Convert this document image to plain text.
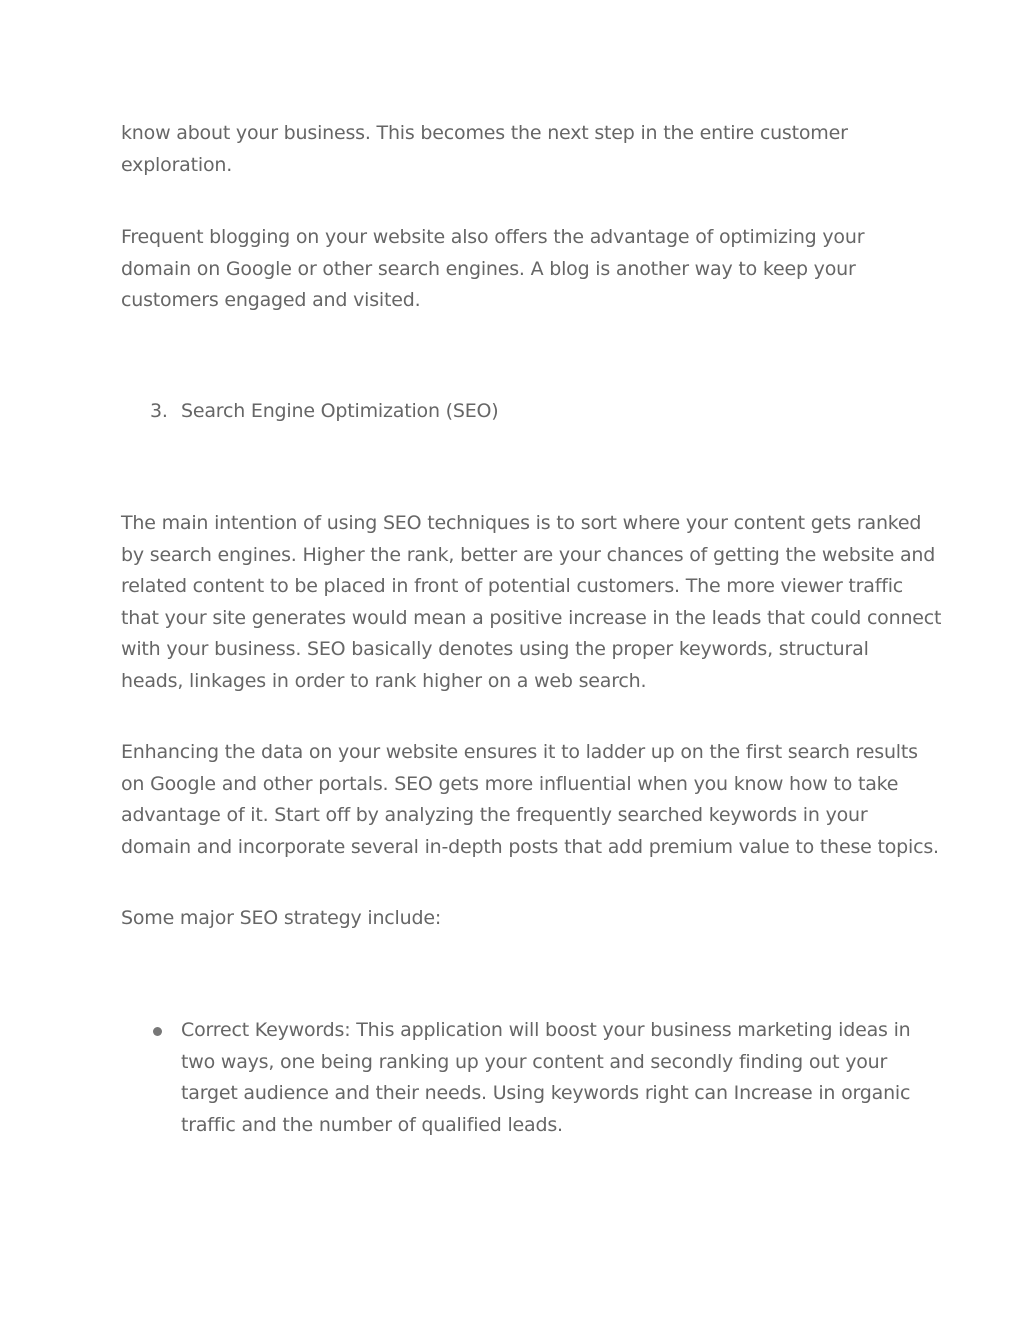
know about your business. This becomes the next step in the entire customer
exploration.
Frequent blogging on your website also offers the advantage of optimizing your
domain on Google or other search engines. A blog is another way to keep your
customers engaged and visited.
3. Search Engine Optimization (SEO)
The main intention of using SEO techniques is to sort where your content gets ranked
by search engines. Higher the rank, better are your chances of getting the website and
related content to be placed in front of potential customers. The more viewer traffic
that your site generates would mean a positive increase in the leads that could connect
with your business. SEO basically denotes using the proper keywords, structural
heads, linkages in order to rank higher on a web search.
Enhancing the data on your website ensures it to ladder up on the first search results
on Google and other portals. SEO gets more influential when you know how to take
advantage of it. Start off by analyzing the frequently searched keywords in your
domain and incorporate several in-depth posts that add premium value to these topics.
Some major SEO strategy include:
Correct Keywords: This application will boost your business marketing ideas in
two ways, one being ranking up your content and secondly finding out your
target audience and their needs. Using keywords right can Increase in organic
traffic and the number of qualified leads.
